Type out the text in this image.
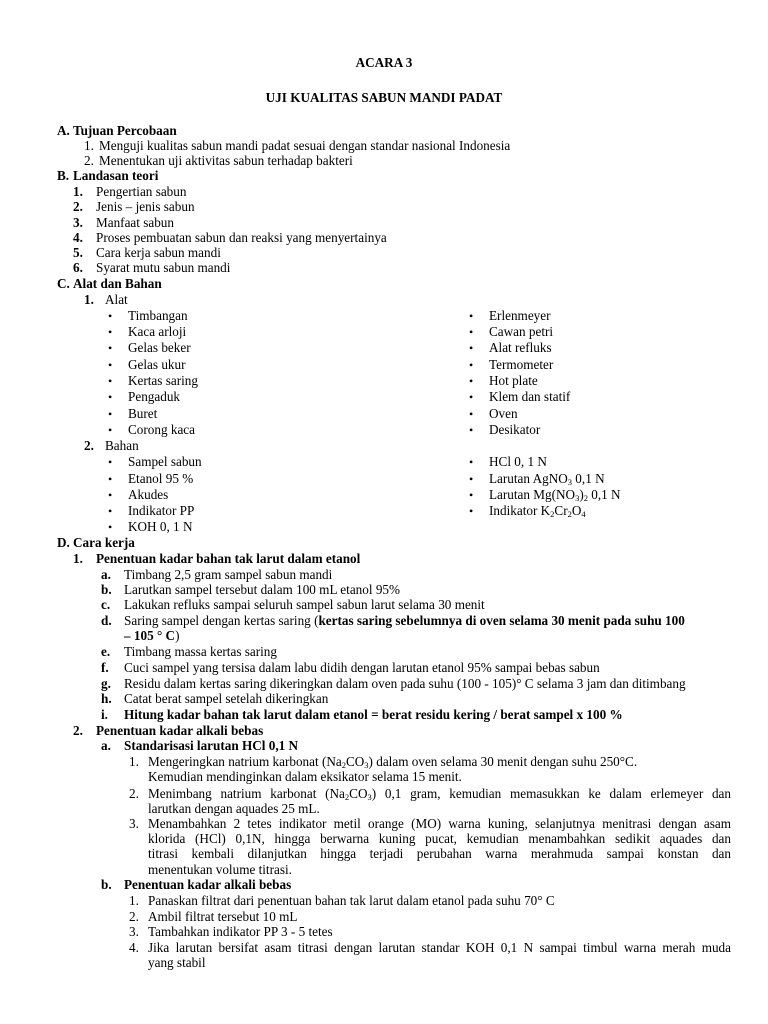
ACARA 3
UJI KUALITAS SABUN MANDI PADAT
A. Tujuan Percobaan
1. Menguji kualitas sabun mandi padat sesuai dengan standar nasional Indonesia
2. Menentukan uji aktivitas sabun terhadap bakteri
B. Landasan teori
1. Pengertian sabun
2. Jenis – jenis sabun
3. Manfaat sabun
4. Proses pembuatan sabun dan reaksi yang menyertainya
5. Cara kerja sabun mandi
6. Syarat mutu sabun mandi
C. Alat dan Bahan
1. Alat
• Timbangan
• Kaca arloji
• Gelas beker
• Gelas ukur
• Kertas saring
• Pengaduk
• Buret
• Corong kaca
• Erlenmeyer
• Cawan petri
• Alat refluks
• Termometer
• Hot plate
• Klem dan statif
• Oven
• Desikator
2. Bahan
• Sampel sabun
• Etanol 95 %
• Akudes
• Indikator PP
• KOH 0, 1 N
• HCl 0, 1 N
• Larutan AgNO$_3$ 0,1 N
• Larutan $Mg(NO_3)_2$ 0,1 N
• Indikator $K_2Cr_2O_4$
D. Cara kerja
1. Penentuan kadar bahan tak larut dalam etanol
a. Timbang 2,5 gram sampel sabun mandi
b. Larutkan sampel tersebut dalam 100 mL etanol 95%
c. Lakukan refluks sampai seluruh sampel sabun larut selama 30 menit
d. Saring sampel dengan kertas saring (kertas saring sebelumnya di oven selama 30 menit pada suhu 100
– 105 ° C)
e. Timbang massa kertas saring
f. Cuci sampel yang tersisa dalam labu didih dengan larutan etanol 95% sampai bebas sabun
g. Residu dalam kertas saring dikeringkan dalam oven pada suhu (100 - 105)° C selama 3 jam dan ditimbang
h. Catat berat sampel setelah dikeringkan
i. Hitung kadar bahan tak larut dalam etanol = berat residu kering / berat sampel x 100 %
2. Penentuan kadar alkali bebas
a. Standarisasi larutan HCl 0,1 N
1. Mengeringkan natrium karbonat $(Na_2CO_3)$ dalam oven selama 30 menit dengan suhu 250°C.
Kemudian mendinginkan dalam eksikator selama 15 menit.
2. Menimbang natrium karbonat $(Na_2CO_3)$ 0,1 gram, kemudian memasukkan ke dalam erlemeyer dan
larutkan dengan aquades 25 mL.
3. Menambahkan 2 tetes indikator metil orange (MO) warna kuning, selanjutnya menitrasi dengan asam
klorida (HCl) 0,1N, hingga berwarna kuning pucat, kemudian menambahkan sedikit aquades dan
titrasi kembali dilanjutkan hingga terjadi perubahan warna merahmuda sampai konstan dan
menentukan volume titrasi.
b. Penentuan kadar alkali bebas
1. Panaskan filtrat dari penentuan bahan tak larut dalam etanol pada suhu 70° C
2. Ambil filtrat tersebut 10 mL
3. Tambahkan indikator PP 3 - 5 tetes
4. Jika larutan bersifat asam titrasi dengan larutan standar KOH 0,1 N sampai timbul warna merah muda
yang stabil
